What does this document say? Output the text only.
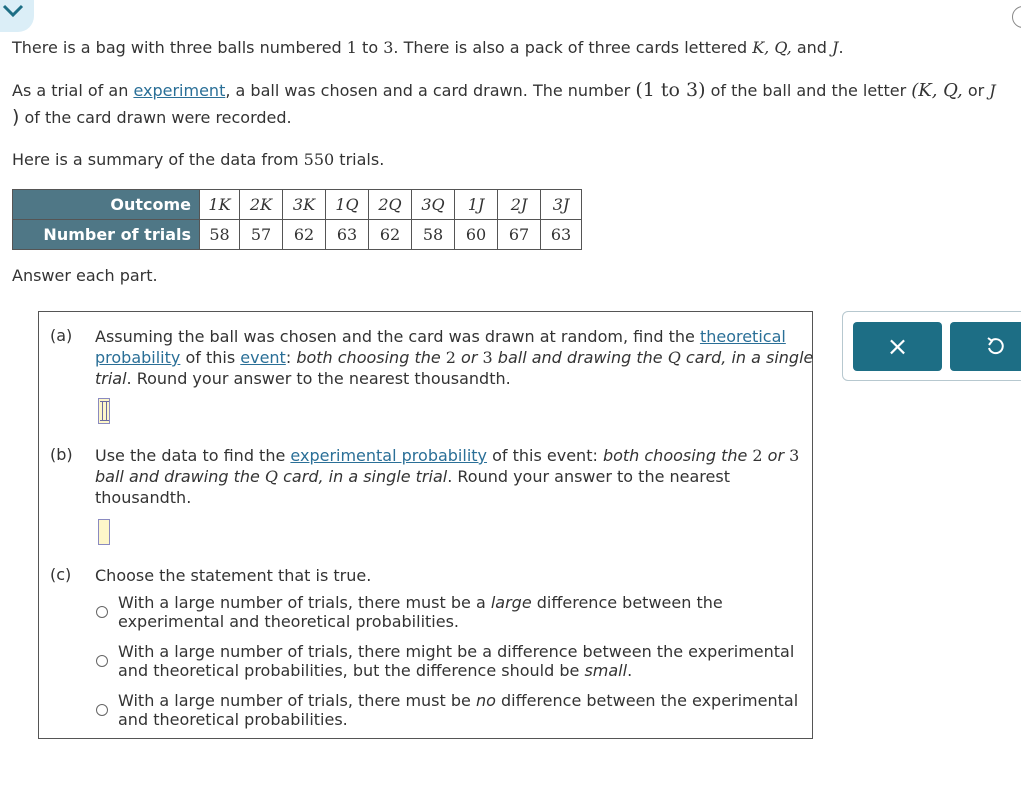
There is a bag with three balls numbered 1 to 3. There is also a pack of three cards lettered K, Q, and J.
As a trial of an experiment, a ball was chosen and a card drawn. The number (1 to 3) of the ball and the letter (K, Q, or J
) of the card drawn were recorded.
Here is a summary of the data from 550 trials.
Outcome	1K	2K	3K	1Q	2Q	3Q	1J	2J	3J
Number of trials	58	57	62	63	62	58	60	67	63
Answer each part.
(a) Assuming the ball was chosen and the card was drawn at random, find the theoretical
probability of this event: both choosing the 2 or 3 ball and drawing the Q card, in a single
trial. Round your answer to the nearest thousandth.
(b) Use the data to find the experimental probability of this event: both choosing the 2 or 3
ball and drawing the Q card, in a single trial. Round your answer to the nearest
thousandth.
(c) Choose the statement that is true.
With a large number of trials, there must be a large difference between the
experimental and theoretical probabilities.
With a large number of trials, there might be a difference between the experimental
and theoretical probabilities, but the difference should be small.
With a large number of trials, there must be no difference between the experimental
and theoretical probabilities.
×
